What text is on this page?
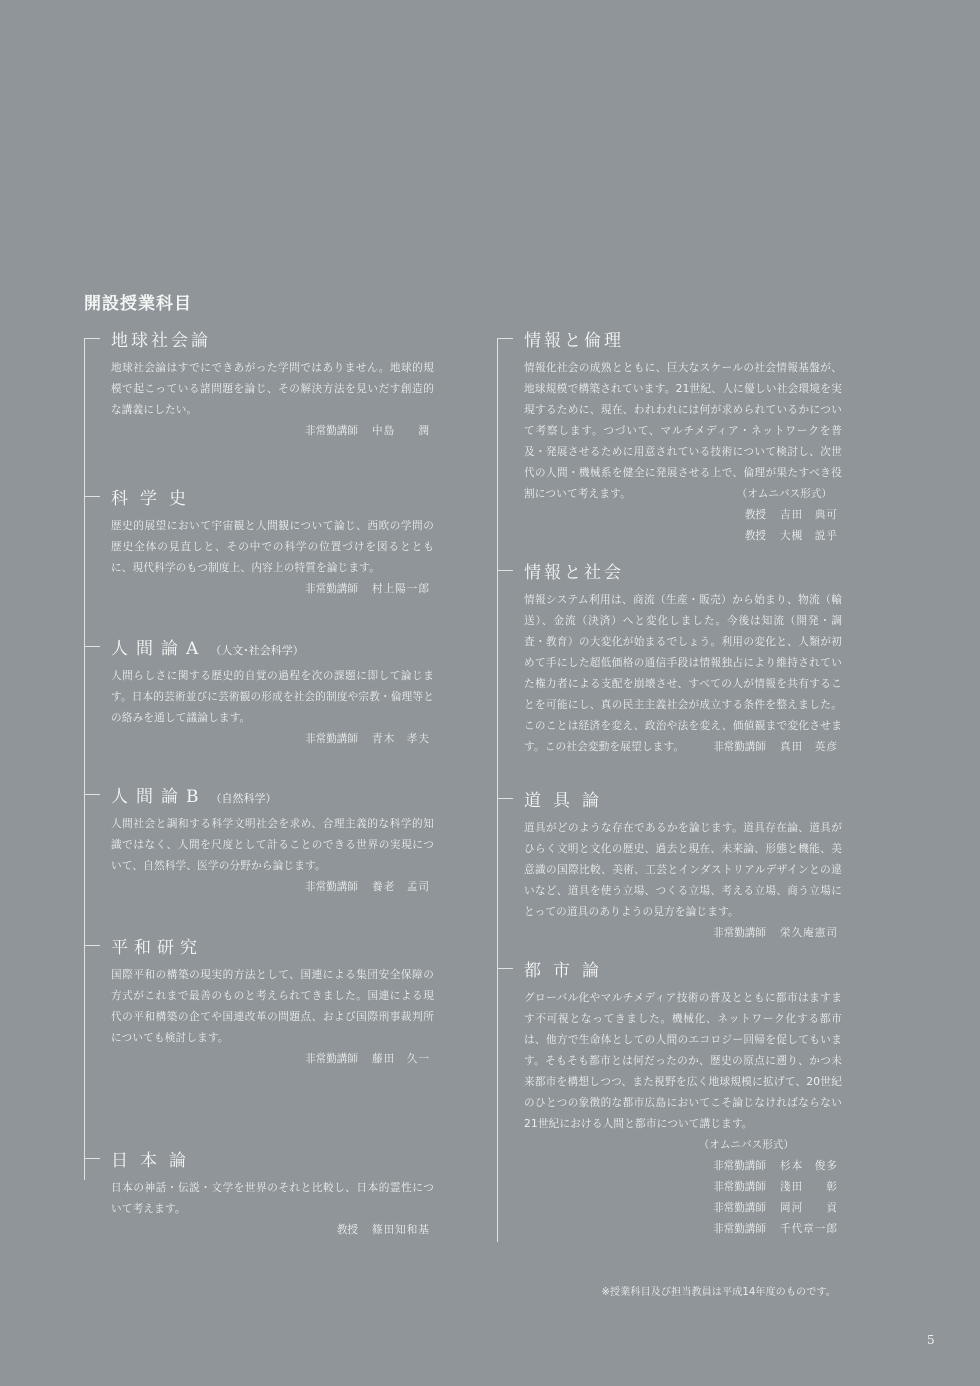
開設授業科目
地球社会論
地球社会論はすでにできあがった学問ではありません。地球的規模で起こっている諸問題を論じ、その解決方法を見いだす創造的な講義にしたい。
非常勤講師 中島　　潤
科学史
歴史的展望において宇宙観と人間観について論じ、西欧の学問の歴史全体の見直しと、その中での科学の位置づけを図るとともに、現代科学のもつ制度上、内容上の特質を論じます。
非常勤講師 村上陽一郎
人間論A （人文･社会科学）
人間らしさに関する歴史的自覚の過程を次の課題に即して論じます。日本的芸術並びに芸術観の形成を社会的制度や宗教・倫理等との絡みを通して議論します。
非常勤講師 青木　孝夫
人間論B （自然科学）
人間社会と調和する科学文明社会を求め、合理主義的な科学的知識ではなく、人間を尺度として計ることのできる世界の実現について、自然科学、医学の分野から論じます。
非常勤講師 養老　孟司
平和研究
国際平和の構築の現実的方法として、国連による集団安全保障の方式がこれまで最善のものと考えられてきました。国連による現代の平和構築の企てや国連改革の問題点、および国際刑事裁判所についても検討します。
非常勤講師 藤田　久一
日本論
日本の神話・伝説・文学を世界のそれと比較し、日本的霊性について考えます。
教授 篠田知和基
情報と倫理
情報化社会の成熟とともに、巨大なスケールの社会情報基盤が、地球規模で構築されています。21世紀、人に優しい社会環境を実現するために、現在、われわれには何が求められているかについて考察します。つづいて、マルチメディア・ネットワークを普及・発展させるために用意されている技術について検討し、次世代の人間・機械系を健全に発展させる上で、倫理が果たすべき役割について考えます。	（オムニバス形式）
教授 吉田　典可
教授 大槻　説乎
情報と社会
情報システム利用は、商流（生産・販売）から始まり、物流（輸送）、金流（決済）へと変化しました。今後は知流（開発・調査・教育）の大変化が始まるでしょう。利用の変化と、人類が初めて手にした超低価格の通信手段は情報独占により維持されていた権力者による支配を崩壊させ、すべての人が情報を共有することを可能にし、真の民主主義社会が成立する条件を整えました。このことは経済を変え、政治や法を変え、価値観まで変化させます。この社会変動を展望します。	非常勤講師 真田　英彦
道具論
道具がどのような存在であるかを論じます。道具存在論、道具がひらく文明と文化の歴史、過去と現在、未来論、形態と機能、美意識の国際比較、美術、工芸とインダストリアルデザインとの違いなど、道具を使う立場、つくる立場、考える立場、商う立場にとっての道具のありようの見方を論じます。
非常勤講師 栄久庵憲司
都市論
グローバル化やマルチメディア技術の普及とともに都市はますます不可視となってきました。機械化、ネットワーク化する都市は、他方で生命体としての人間のエコロジー回帰を促してもいます。そもそも都市とは何だったのか、歴史の原点に遡り、かつ未来都市を構想しつつ、また視野を広く地球規模に拡げて、20世紀のひとつの象徴的な都市広島においてこそ論じなければならない21世紀における人間と都市について講じます。
（オムニバス形式）
非常勤講師 杉本　俊多
非常勤講師 淺田　　彰
非常勤講師 岡河　　貢
非常勤講師 千代章一郎
※授業科目及び担当教員は平成14年度のものです。
5
